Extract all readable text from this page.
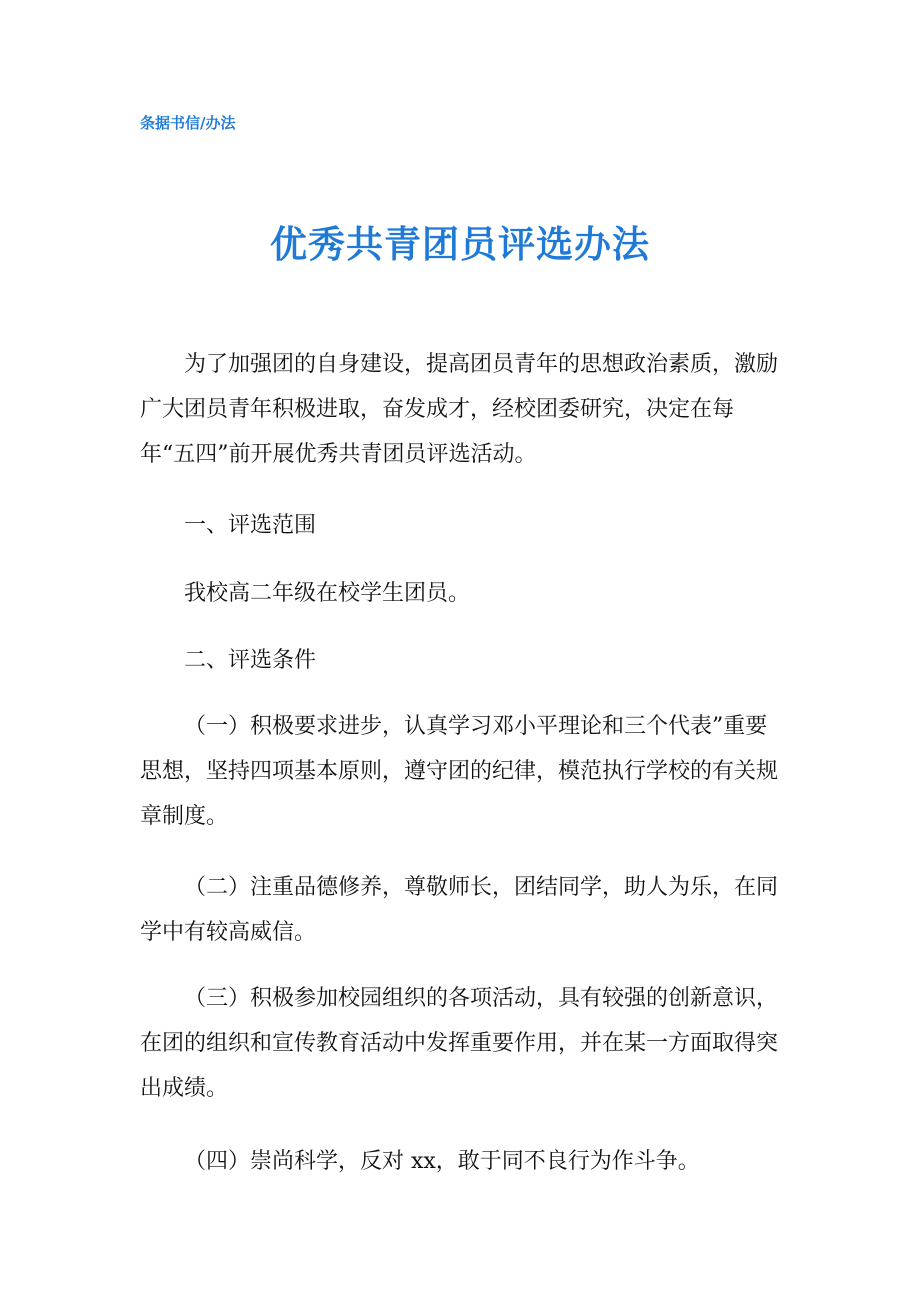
条据书信/办法
优秀共青团员评选办法

为了加强团的自身建设，提高团员青年的思想政治素质，激励广大团员青年积极进取，奋发成才，经校团委研究，决定在每年“五四”前开展优秀共青团员评选活动。

一、评选范围

我校高二年级在校学生团员。

二、评选条件

（一）积极要求进步，认真学习邓小平理论和三个代表”重要思想，坚持四项基本原则，遵守团的纪律，模范执行学校的有关规章制度。

（二）注重品德修养，尊敬师长，团结同学，助人为乐，在同学中有较高威信。

（三）积极参加校园组织的各项活动，具有较强的创新意识，在团的组织和宣传教育活动中发挥重要作用，并在某一方面取得突出成绩。

（四）崇尚科学，反对 xx，敢于同不良行为作斗争。
